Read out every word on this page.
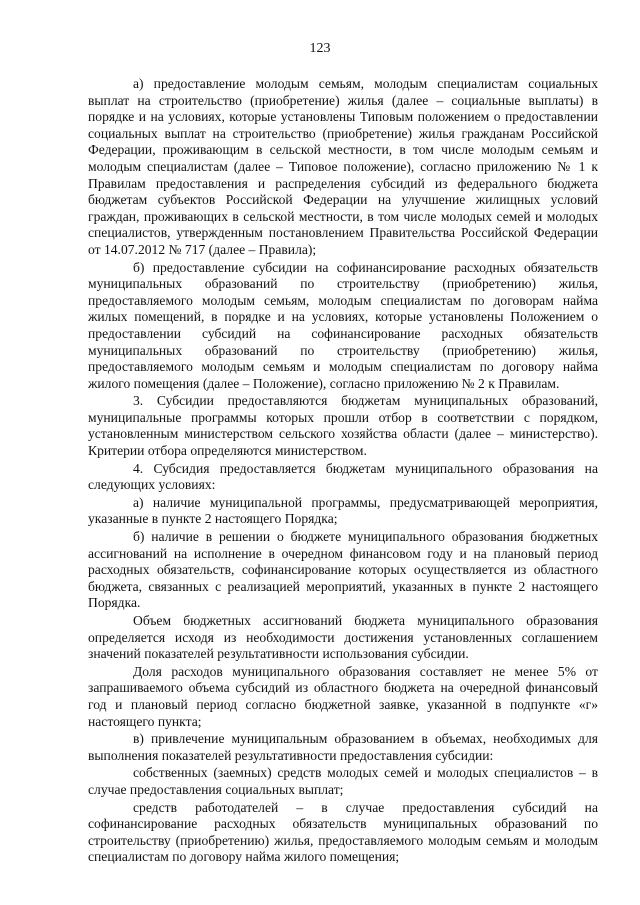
123

а) предоставление молодым семьям, молодым специалистам социальных выплат на строительство (приобретение) жилья (далее – социальные выплаты) в порядке и на условиях, которые установлены Типовым положением о предоставлении социальных выплат на строительство (приобретение) жилья гражданам Российской Федерации, проживающим в сельской местности, в том числе молодым семьям и молодым специалистам (далее – Типовое положение), согласно приложению № 1 к Правилам предоставления и распределения субсидий из федерального бюджета бюджетам субъектов Российской Федерации на улучшение жилищных условий граждан, проживающих в сельской местности, в том числе молодых семей и молодых специалистов, утвержденным постановлением Правительства Российской Федерации от 14.07.2012 № 717 (далее – Правила);

б) предоставление субсидии на софинансирование расходных обязательств муниципальных образований по строительству (приобретению) жилья, предоставляемого молодым семьям, молодым специалистам по договорам найма жилых помещений, в порядке и на условиях, которые установлены Положением о предоставлении субсидий на софинансирование расходных обязательств муниципальных образований по строительству (приобретению) жилья, предоставляемого молодым семьям и молодым специалистам по договору найма жилого помещения (далее – Положение), согласно приложению № 2 к Правилам.

3. Субсидии предоставляются бюджетам муниципальных образований, муниципальные программы которых прошли отбор в соответствии с порядком, установленным министерством сельского хозяйства области (далее – министерство). Критерии отбора определяются министерством.

4. Субсидия предоставляется бюджетам муниципального образования на следующих условиях:

а) наличие муниципальной программы, предусматривающей мероприятия, указанные в пункте 2 настоящего Порядка;

б) наличие в решении о бюджете муниципального образования бюджетных ассигнований на исполнение в очередном финансовом году и на плановый период расходных обязательств, софинансирование которых осуществляется из областного бюджета, связанных с реализацией мероприятий, указанных в пункте 2 настоящего Порядка.

Объем бюджетных ассигнований бюджета муниципального образования определяется исходя из необходимости достижения установленных соглашением значений показателей результативности использования субсидии.

Доля расходов муниципального образования составляет не менее 5% от запрашиваемого объема субсидий из областного бюджета на очередной финансовый год и плановый период согласно бюджетной заявке, указанной в подпункте «г» настоящего пункта;

в) привлечение муниципальным образованием в объемах, необходимых для выполнения показателей результативности предоставления субсидии:

собственных (заемных) средств молодых семей и молодых специалистов – в случае предоставления социальных выплат;

средств работодателей – в случае предоставления субсидий на софинансирование расходных обязательств муниципальных образований по строительству (приобретению) жилья, предоставляемого молодым семьям и молодым специалистам по договору найма жилого помещения;
